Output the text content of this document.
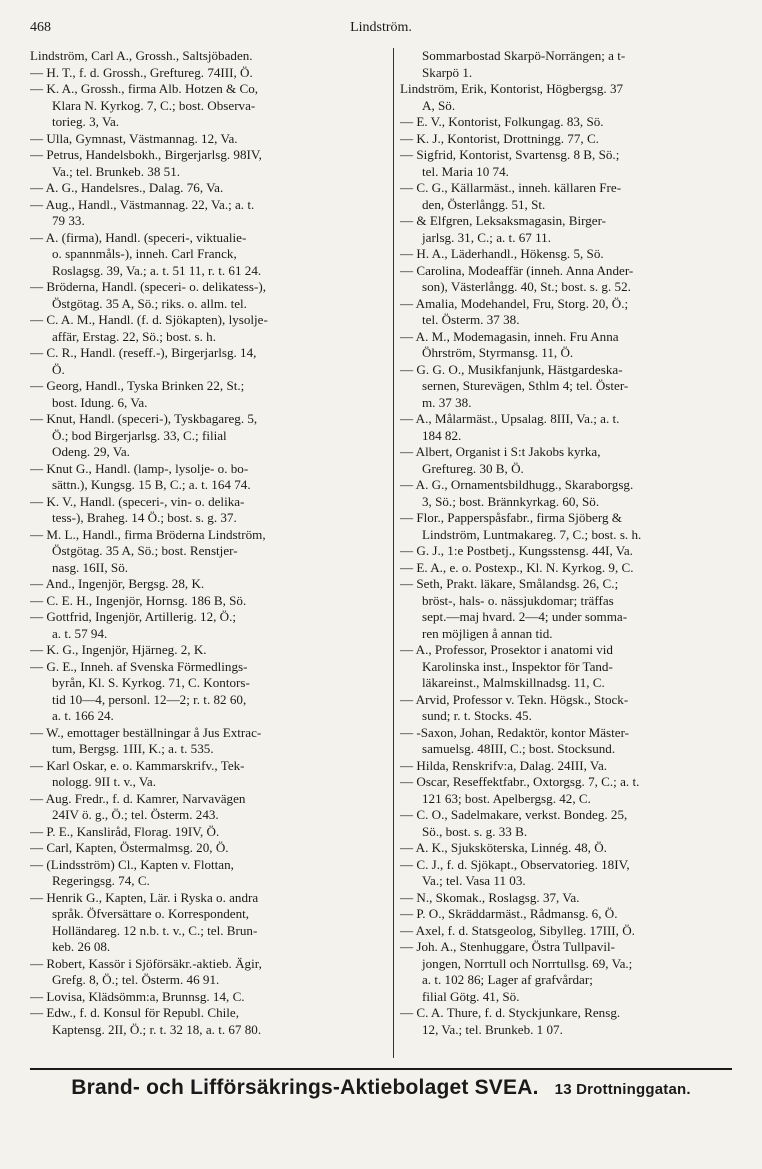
468	Lindström.
Lindström, Carl A., Grossh., Saltsjöbaden.
— H. T., f. d. Grossh., Greftureg. 74III, Ö.
— K. A., Grossh., firma Alb. Hotzen & Co,
Klara N. Kyrkog. 7, C.; bost. Observa-
torieg. 3, Va.
— Ulla, Gymnast, Västmannag. 12, Va.
— Petrus, Handelsbokh., Birgerjarlsg. 98IV,
Va.; tel. Brunkeb. 38 51.
— A. G., Handelsres., Dalag. 76, Va.
— Aug., Handl., Västmannag. 22, Va.; a. t.
79 33.
— A. (firma), Handl. (speceri-, viktualie-
o. spannmåls-), inneh. Carl Franck,
Roslagsg. 39, Va.; a. t. 51 11, r. t. 61 24.
— Bröderna, Handl. (speceri- o. delikatess-),
Östgötag. 35 A, Sö.; riks. o. allm. tel.
— C. A. M., Handl. (f. d. Sjökapten), lysolje-
affär, Erstag. 22, Sö.; bost. s. h.
— C. R., Handl. (reseff.-), Birgerjarlsg. 14,
Ö.
— Georg, Handl., Tyska Brinken 22, St.;
bost. Idung. 6, Va.
— Knut, Handl. (speceri-), Tyskbagareg. 5,
Ö.; bod Birgerjarlsg. 33, C.; filial
Odeng. 29, Va.
— Knut G., Handl. (lamp-, lysolje- o. bo-
sättn.), Kungsg. 15 B, C.; a. t. 164 74.
— K. V., Handl. (speceri-, vin- o. delika-
tess-), Braheg. 14 Ö.; bost. s. g. 37.
— M. L., Handl., firma Bröderna Lindström,
Östgötag. 35 A, Sö.; bost. Renstjer-
nasg. 16II, Sö.
— And., Ingenjör, Bergsg. 28, K.
— C. E. H., Ingenjör, Hornsg. 186 B, Sö.
— Gottfrid, Ingenjör, Artillerig. 12, Ö.;
a. t. 57 94.
— K. G., Ingenjör, Hjärneg. 2, K.
— G. E., Inneh. af Svenska Förmedlings-
byrån, Kl. S. Kyrkog. 71, C. Kontors-
tid 10—4, personl. 12—2; r. t. 82 60,
a. t. 166 24.
— W., emottager beställningar å Jus Extrac-
tum, Bergsg. 1III, K.; a. t. 535.
— Karl Oskar, e. o. Kammarskrifv., Tek-
nologg. 9II t. v., Va.
— Aug. Fredr., f. d. Kamrer, Narvavägen
24IV ö. g., Ö.; tel. Österm. 243.
— P. E., Kansliråd, Florag. 19IV, Ö.
— Carl, Kapten, Östermalmsg. 20, Ö.
— (Lindsström) Cl., Kapten v. Flottan,
Regeringsg. 74, C.
— Henrik G., Kapten, Lär. i Ryska o. andra
språk. Öfversättare o. Korrespondent,
Holländareg. 12 n.b. t. v., C.; tel. Brun-
keb. 26 08.
— Robert, Kassör i Sjöförsäkr.-aktieb. Ägir,
Grefg. 8, Ö.; tel. Österm. 46 91.
— Lovisa, Klädsömm:a, Brunnsg. 14, C.
— Edw., f. d. Konsul för Republ. Chile,
Kaptensg. 2II, Ö.; r. t. 32 18, a. t. 67 80.
Sommarbostad Skarpö-Norrängen; a t-
Skarpö 1.
Lindström, Erik, Kontorist, Högbergsg. 37
A, Sö.
— E. V., Kontorist, Folkungag. 83, Sö.
— K. J., Kontorist, Drottningg. 77, C.
— Sigfrid, Kontorist, Svartensg. 8 B, Sö.;
tel. Maria 10 74.
— C. G., Källarmäst., inneh. källaren Fre-
den, Österlångg. 51, St.
— & Elfgren, Leksaksmagasin, Birger-
jarlsg. 31, C.; a. t. 67 11.
— H. A., Läderhandl., Hökensg. 5, Sö.
— Carolina, Modeaffär (inneh. Anna Ander-
son), Västerlångg. 40, St.; bost. s. g. 52.
— Amalia, Modehandel, Fru, Storg. 20, Ö.;
tel. Österm. 37 38.
— A. M., Modemagasin, inneh. Fru Anna
Öhrström, Styrmansg. 11, Ö.
— G. G. O., Musikfanjunk, Hästgardeska-
sernen, Sturevägen, Sthlm 4; tel. Öster-
m. 37 38.
— A., Målarmäst., Upsalag. 8III, Va.; a. t.
184 82.
— Albert, Organist i S:t Jakobs kyrka,
Greftureg. 30 B, Ö.
— A. G., Ornamentsbildhugg., Skaraborgsg.
3, Sö.; bost. Brännkyrkag. 60, Sö.
— Flor., Papperspåsfabr., firma Sjöberg &
Lindström, Luntmakareg. 7, C.; bost. s. h.
— G. J., 1:e Postbetj., Kungsstensg. 44I, Va.
— E. A., e. o. Postexp., Kl. N. Kyrkog. 9, C.
— Seth, Prakt. läkare, Smålandsg. 26, C.;
bröst-, hals- o. nässjukdomar; träffas
sept.—maj hvard. 2—4; under somma-
ren möjligen å annan tid.
— A., Professor, Prosektor i anatomi vid
Karolinska inst., Inspektor för Tand-
läkareinst., Malmskillnadsg. 11, C.
— Arvid, Professor v. Tekn. Högsk., Stock-
sund; r. t. Stocks. 45.
— -Saxon, Johan, Redaktör, kontor Mäster-
samuelsg. 48III, C.; bost. Stocksund.
— Hilda, Renskrifv:a, Dalag. 24III, Va.
— Oscar, Reseffektfabr., Oxtorgsg. 7, C.; a. t.
121 63; bost. Apelbergsg. 42, C.
— C. O., Sadelmakare, verkst. Bondeg. 25,
Sö., bost. s. g. 33 B.
— A. K., Sjuksköterska, Linnég. 48, Ö.
— C. J., f. d. Sjökapt., Observatorieg. 18IV,
Va.; tel. Vasa 11 03.
— N., Skomak., Roslagsg. 37, Va.
— P. O., Skräddarmäst., Rådmansg. 6, Ö.
— Axel, f. d. Statsgeolog, Sibylleg. 17III, Ö.
— Joh. A., Stenhuggare, Östra Tullpavil-
jongen, Norrtull och Norrtullsg. 69, Va.;
a. t. 102 86; Lager af grafvårdar;
filial Götg. 41, Sö.
— C. A. Thure, f. d. Styckjunkare, Rensg.
12, Va.; tel. Brunkeb. 1 07.
Brand- och Lifförsäkrings-Aktiebolaget SVEA. 13 Drottninggatan.
